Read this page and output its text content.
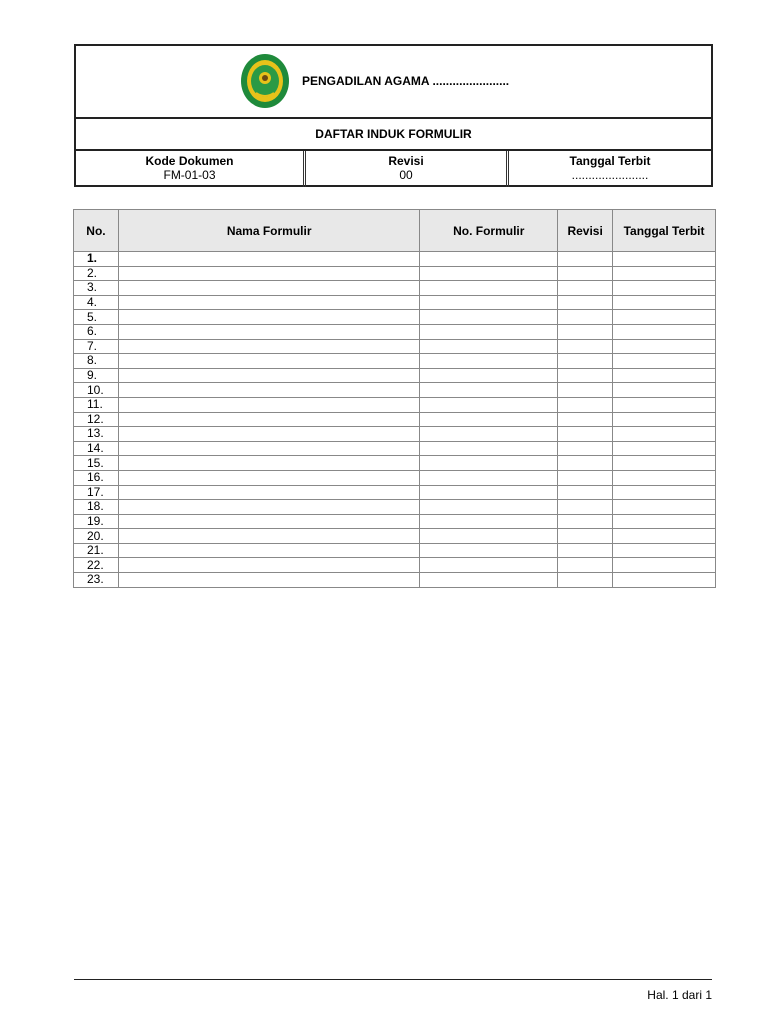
PENGADILAN AGAMA .......................
DAFTAR INDUK FORMULIR
Kode Dokumen
FM-01-03
Revisi
00
Tanggal Terbit
.......................
No.	Nama Formulir	No. Formulir	Revisi	Tanggal Terbit
1.				
2.				
3.				
4.				
5.				
6.				
7.				
8.				
9.				
10.				
11.				
12.				
13.				
14.				
15.				
16.				
17.				
18.				
19.				
20.				
21.				
22.				
23.				
Hal. 1 dari 1
